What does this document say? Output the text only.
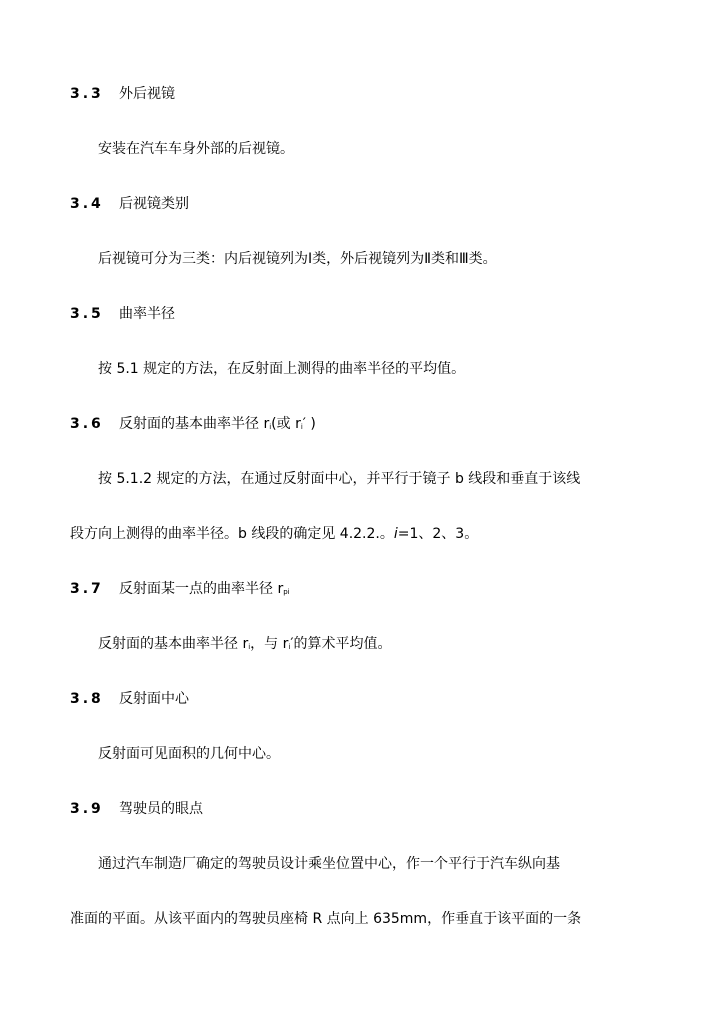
3.3 外后视镜
安装在汽车车身外部的后视镜。
3.4 后视镜类别
后视镜可分为三类：内后视镜列为Ⅰ类，外后视镜列为Ⅱ类和Ⅲ类。
3.5 曲率半径
按 5.1 规定的方法，在反射面上测得的曲率半径的平均值。
3.6 反射面的基本曲率半径 $r_i$(或 $r_i'$ )
按 5.1.2 规定的方法，在通过反射面中心，并平行于镜子 b 线段和垂直于该线
段方向上测得的曲率半径。b 线段的确定见 4.2.2.。i=1、2、3。
3.7 反射面某一点的曲率半径 $r_{pi}$
反射面的基本曲率半径 $r_i$，与 $r_i'$的算术平均值。
3.8 反射面中心
反射面可见面积的几何中心。
3.9 驾驶员的眼点
通过汽车制造厂确定的驾驶员设计乘坐位置中心，作一个平行于汽车纵向基
准面的平面。从该平面内的驾驶员座椅 R 点向上 635mm，作垂直于该平面的一条
